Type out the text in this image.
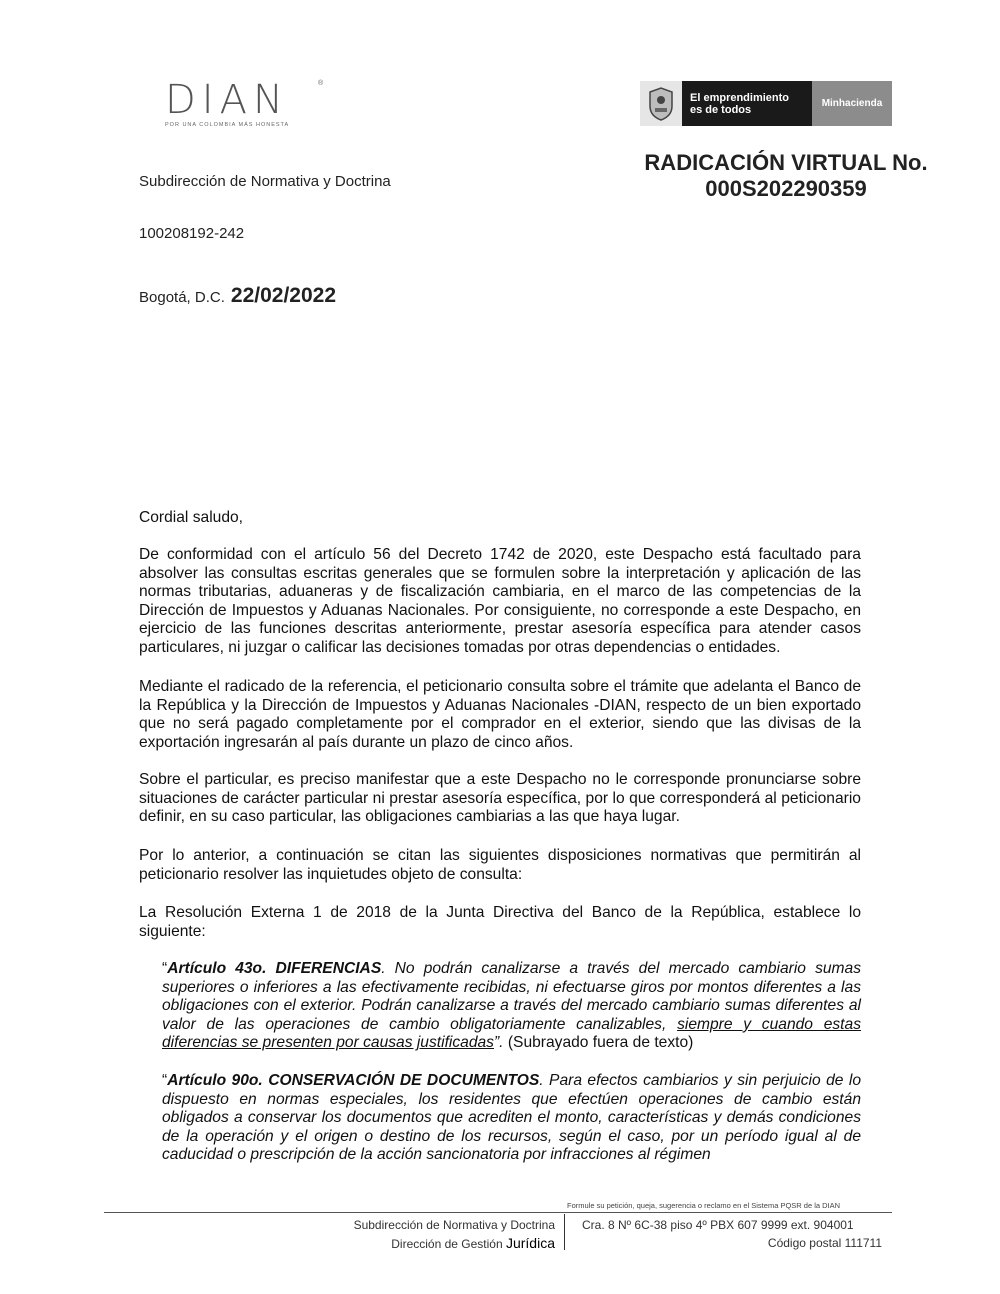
DIAN	®
POR UNA COLOMBIA MÁS HONESTA
El emprendimiento
es de todos	Minhacienda
RADICACIÓN VIRTUAL No.
000S202290359
Subdirección de Normativa y Doctrina
100208192-242
Bogotá, D.C. 22/02/2022
Cordial saludo,
De conformidad con el artículo 56 del Decreto 1742 de 2020, este Despacho está facultado para absolver las consultas escritas generales que se formulen sobre la interpretación y aplicación de las normas tributarias, aduaneras y de fiscalización cambiaria, en el marco de las competencias de la Dirección de Impuestos y Aduanas Nacionales. Por consiguiente, no corresponde a este Despacho, en ejercicio de las funciones descritas anteriormente, prestar asesoría específica para atender casos particulares, ni juzgar o calificar las decisiones tomadas por otras dependencias o entidades.
Mediante el radicado de la referencia, el peticionario consulta sobre el trámite que adelanta el Banco de la República y la Dirección de Impuestos y Aduanas Nacionales -DIAN, respecto de un bien exportado que no será pagado completamente por el comprador en el exterior, siendo que las divisas de la exportación ingresarán al país durante un plazo de cinco años.
Sobre el particular, es preciso manifestar que a este Despacho no le corresponde pronunciarse sobre situaciones de carácter particular ni prestar asesoría específica, por lo que corresponderá al peticionario definir, en su caso particular, las obligaciones cambiarias a las que haya lugar.
Por lo anterior, a continuación se citan las siguientes disposiciones normativas que permitirán al peticionario resolver las inquietudes objeto de consulta:
La Resolución Externa 1 de 2018 de la Junta Directiva del Banco de la República, establece lo siguiente:

“Artículo 43o. DIFERENCIAS. No podrán canalizarse a través del mercado cambiario sumas superiores o inferiores a las efectivamente recibidas, ni efectuarse giros por montos diferentes a las obligaciones con el exterior. Podrán canalizarse a través del mercado cambiario sumas diferentes al valor de las operaciones de cambio obligatoriamente canalizables, siempre y cuando estas diferencias se presenten por causas justificadas”. (Subrayado fuera de texto)

“Artículo 90o. CONSERVACIÓN DE DOCUMENTOS. Para efectos cambiarios y sin perjuicio de lo dispuesto en normas especiales, los residentes que efectúen operaciones de cambio están obligados a conservar los documentos que acrediten el monto, características y demás condiciones de la operación y el origen o destino de los recursos, según el caso, por un período igual al de caducidad o prescripción de la acción sancionatoria por infracciones al régimen

Formule su petición, queja, sugerencia o reclamo en el Sistema PQSR de la DIAN
Subdirección de Normativa y Doctrina
Dirección de Gestión Jurídica
Cra. 8 Nº 6C-38 piso 4º PBX 607 9999 ext. 904001
Código postal 111711
